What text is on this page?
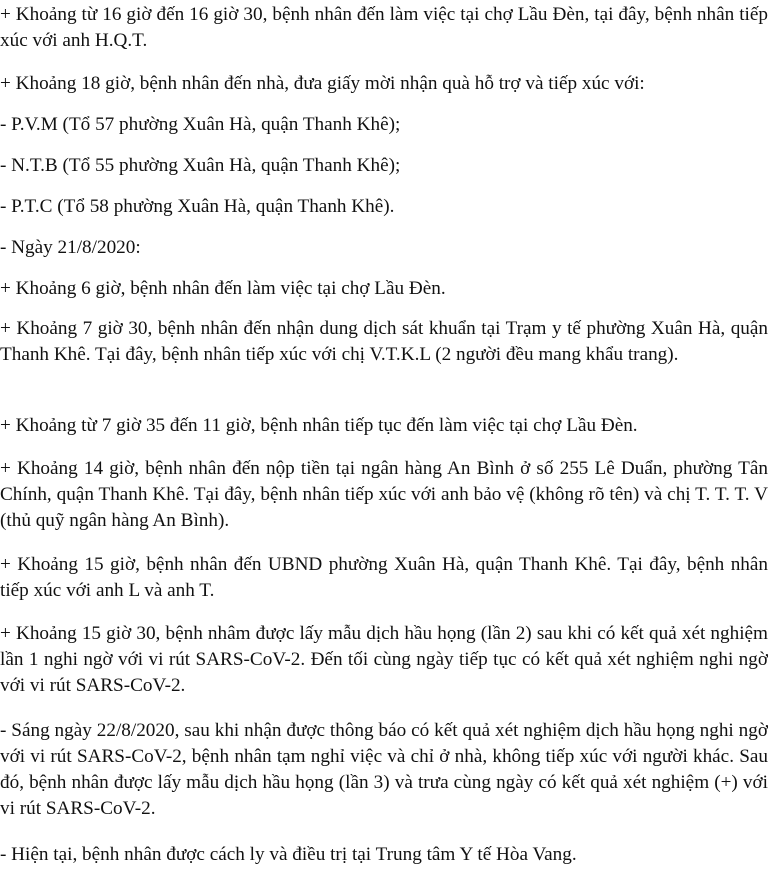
+ Khoảng từ 16 giờ đến 16 giờ 30, bệnh nhân đến làm việc tại chợ Lầu Đèn, tại đây, bệnh nhân tiếp xúc với anh H.Q.T.

+ Khoảng 18 giờ, bệnh nhân đến nhà, đưa giấy mời nhận quà hỗ trợ và tiếp xúc với:

- P.V.M (Tổ 57 phường Xuân Hà, quận Thanh Khê);

- N.T.B (Tổ 55 phường Xuân Hà, quận Thanh Khê);

- P.T.C (Tổ 58 phường Xuân Hà, quận Thanh Khê).

- Ngày 21/8/2020:

+ Khoảng 6 giờ, bệnh nhân đến làm việc tại chợ Lầu Đèn.

+ Khoảng 7 giờ 30, bệnh nhân đến nhận dung dịch sát khuẩn tại Trạm y tế phường Xuân Hà, quận Thanh Khê. Tại đây, bệnh nhân tiếp xúc với chị V.T.K.L (2 người đều mang khẩu trang).

+ Khoảng từ 7 giờ 35 đến 11 giờ, bệnh nhân tiếp tục đến làm việc tại chợ Lầu Đèn.

+ Khoảng 14 giờ, bệnh nhân đến nộp tiền tại ngân hàng An Bình ở số 255 Lê Duẩn, phường Tân Chính, quận Thanh Khê. Tại đây, bệnh nhân tiếp xúc với anh bảo vệ (không rõ tên) và chị T. T. T. V (thủ quỹ ngân hàng An Bình).

+ Khoảng 15 giờ, bệnh nhân đến UBND phường Xuân Hà, quận Thanh Khê. Tại đây, bệnh nhân tiếp xúc với anh L và anh T.

+ Khoảng 15 giờ 30, bệnh nhâm được lấy mẫu dịch hầu họng (lần 2) sau khi có kết quả xét nghiệm lần 1 nghi ngờ với vi rút SARS-CoV-2. Đến tối cùng ngày tiếp tục có kết quả xét nghiệm nghi ngờ với vi rút SARS-CoV-2.

- Sáng ngày 22/8/2020, sau khi nhận được thông báo có kết quả xét nghiệm dịch hầu họng nghi ngờ với vi rút SARS-CoV-2, bệnh nhân tạm nghỉ việc và chỉ ở nhà, không tiếp xúc với người khác. Sau đó, bệnh nhân được lấy mẫu dịch hầu họng (lần 3) và trưa cùng ngày có kết quả xét nghiệm (+) với vi rút SARS-CoV-2.

- Hiện tại, bệnh nhân được cách ly và điều trị tại Trung tâm Y tế Hòa Vang.
